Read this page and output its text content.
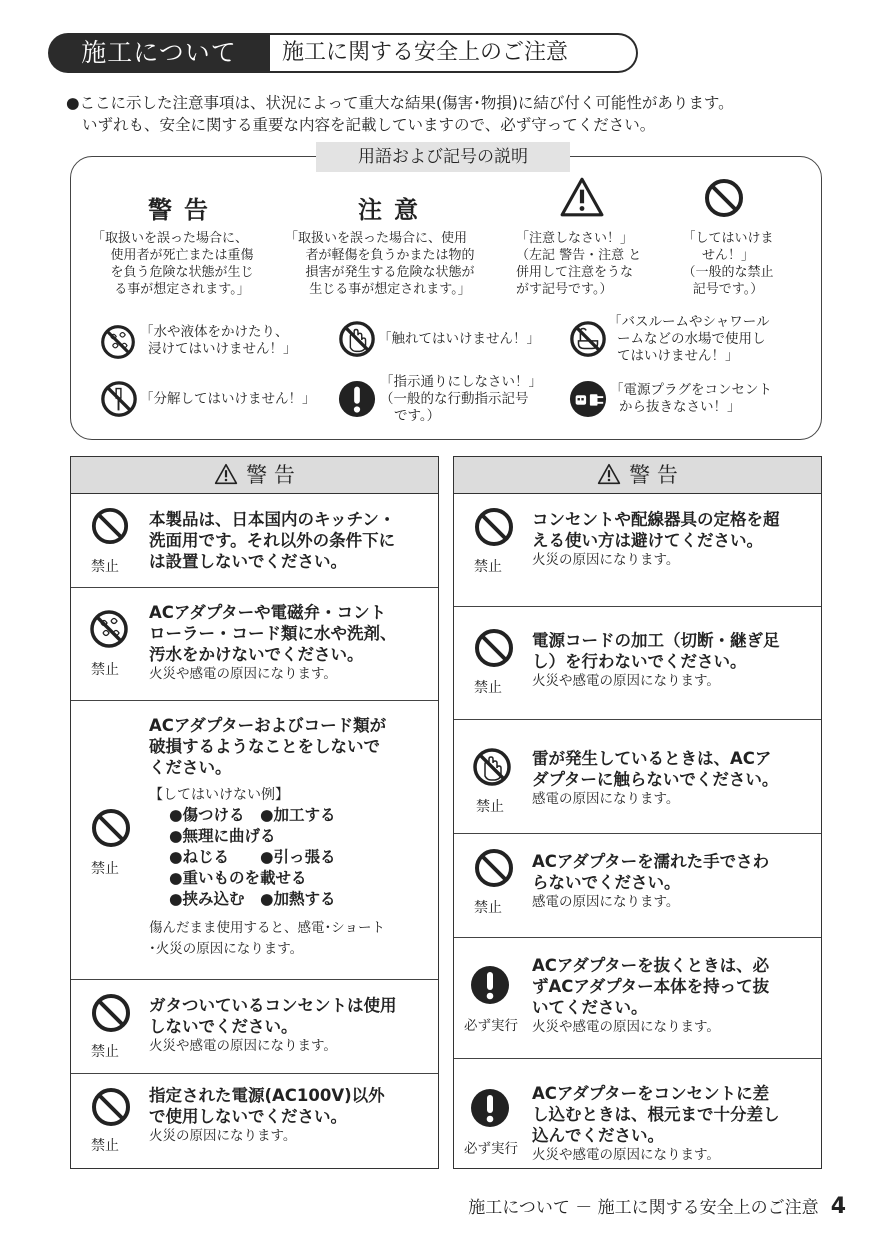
施工について	施工に関する安全上のご注意
●ここに示した注意事項は、状況によって重大な結果(傷害･物損)に結び付く可能性があります。
いずれも、安全に関する重要な内容を記載していますので、必ず守ってください。
用語および記号の説明
警告
「取扱いを誤った場合に、
使用者が死亡または重傷
を負う危険な状態が生じ
る事が想定されます。」
注意
「取扱いを誤った場合に、使用
者が軽傷を負うかまたは物的
損害が発生する危険な状態が
生じる事が想定されます。」
「注意しなさい！」
（左記 警告・注意 と
併用して注意をうな
がす記号です。）
「してはいけま
せん！」
（一般的な禁止
記号です。）
「水や液体をかけたり、
浸けてはいけません！」
「触れてはいけません！」
「バスルームやシャワール
ームなどの水場で使用し
てはいけません！」
「分解してはいけません！」
「指示通りにしなさい！」
（一般的な行動指示記号
です。）
「電源プラグをコンセント
から抜きなさい！」
警 告
禁止
本製品は、日本国内のキッチン・
洗面用です。それ以外の条件下に
は設置しないでください。
禁止
ACアダプターや電磁弁・コント
ローラー・コード類に水や洗剤、
汚水をかけないでください。
火災や感電の原因になります。
禁止
ACアダプターおよびコード類が
破損するようなことをしないで
ください。
【してはいけない例】
●傷つける　●加工する
●無理に曲げる
●ねじる　　●引っ張る
●重いものを載せる
●挟み込む　●加熱する
傷んだまま使用すると、感電･ショート
･火災の原因になります。
禁止
ガタついているコンセントは使用
しないでください。
火災や感電の原因になります。
禁止
指定された電源(AC100V)以外
で使用しないでください。
火災の原因になります。
警 告
禁止
コンセントや配線器具の定格を超
える使い方は避けてください。
火災の原因になります。
禁止
電源コードの加工（切断・継ぎ足
し）を行わないでください。
火災や感電の原因になります。
禁止
雷が発生しているときは、ACア
ダプターに触らないでください。
感電の原因になります。
禁止
ACアダプターを濡れた手でさわ
らないでください。
感電の原因になります。
必ず実行
ACアダプターを抜くときは、必
ずACアダプター本体を持って抜
いてください。
火災や感電の原因になります。
必ず実行
ACアダプターをコンセントに差
し込むときは、根元まで十分差し
込んでください。
火災や感電の原因になります。
施工について － 施工に関する安全上のご注意 4
